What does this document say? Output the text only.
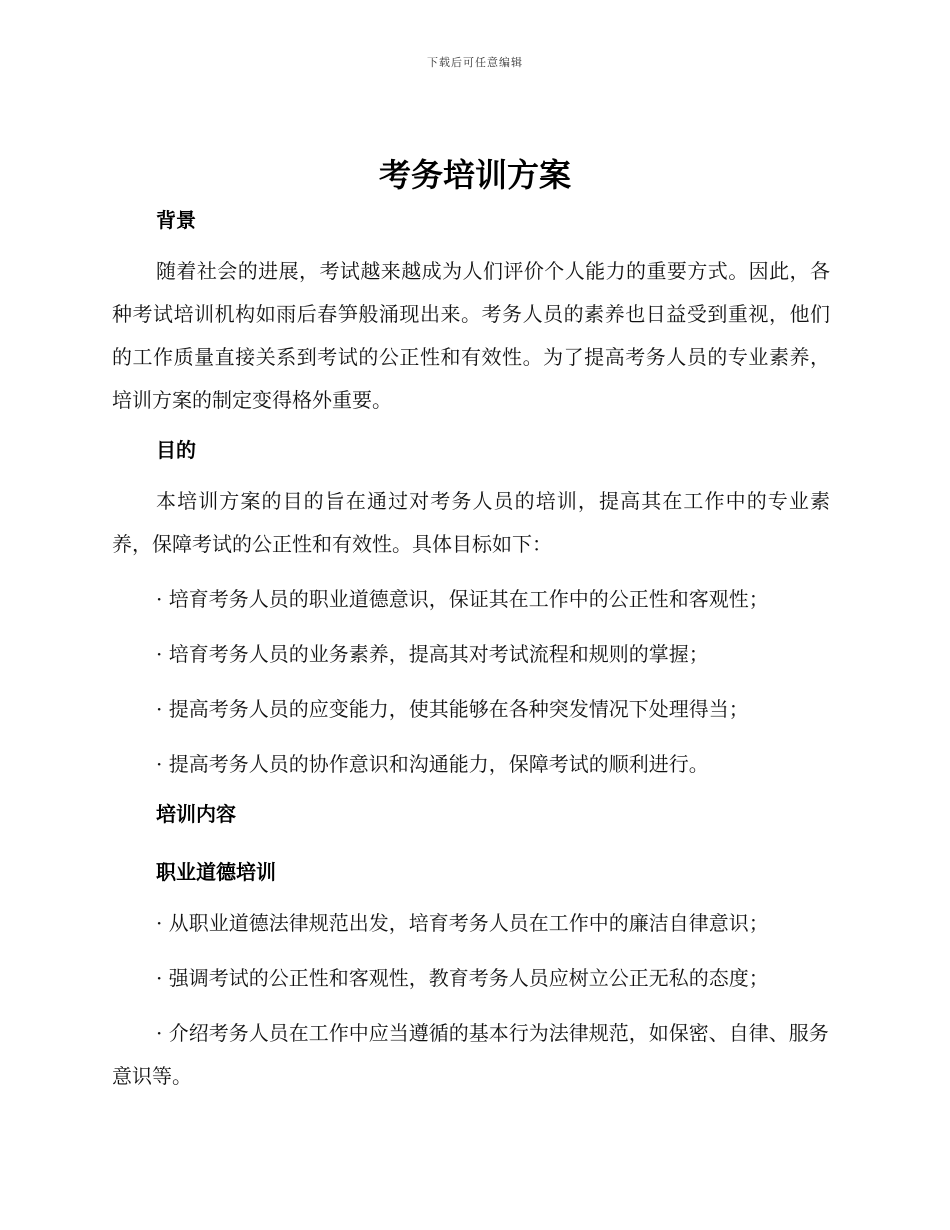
下载后可任意编辑
考务培训方案
背景

随着社会的进展，考试越来越成为人们评价个人能力的重要方式。因此，各种考试培训机构如雨后春笋般涌现出来。考务人员的素养也日益受到重视，他们的工作质量直接关系到考试的公正性和有效性。为了提高考务人员的专业素养，培训方案的制定变得格外重要。

目的

本培训方案的目的旨在通过对考务人员的培训，提高其在工作中的专业素养，保障考试的公正性和有效性。具体目标如下：

· 培育考务人员的职业道德意识，保证其在工作中的公正性和客观性；

· 培育考务人员的业务素养，提高其对考试流程和规则的掌握；

· 提高考务人员的应变能力，使其能够在各种突发情况下处理得当；

· 提高考务人员的协作意识和沟通能力，保障考试的顺利进行。

培训内容
职业道德培训

· 从职业道德法律规范出发，培育考务人员在工作中的廉洁自律意识；

· 强调考试的公正性和客观性，教育考务人员应树立公正无私的态度；

· 介绍考务人员在工作中应当遵循的基本行为法律规范，如保密、自律、服务意识等。
